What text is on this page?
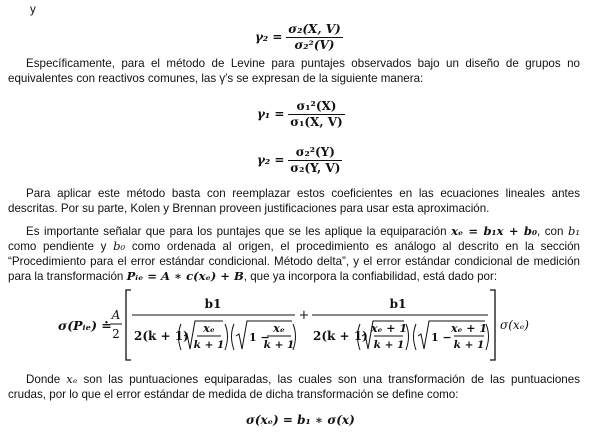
y
$\gamma_2 = \frac{\text{σ₂(X, V)}}{\text{σ₂²(V)}}$
Específicamente, para el método de Levine para puntajes observados bajo un diseño de grupos no equivalentes con reactivos comunes, las γ′s se expresan de la siguiente manera:
$\gamma_1 = \frac{\text{σ₁²(X)}}{\text{σ₁(X, V)}}$
$\gamma_2 = \frac{\text{σ₂²(Y)}}{\text{σ₂(Y, V)}}$
Para aplicar este método basta con reemplazar estos coeficientes en las ecuaciones lineales antes descritas. Por su parte, Kolen y Brennan proveen justificaciones para usar esta aproximación.
Es importante señalar que para los puntajes que se les aplique la equiparación xₑ = b₁x + b₀, con b₁ como pendiente y b₀ como ordenada al origen, el procedimiento es análogo al descrito en la sección “Procedimiento para el error estándar condicional. Método delta”, y el error estándar condicional de medición para la transformación Pᵢₑ = A ∗ c(xₑ) + B, que ya incorpora la confiabilidad, está dado por:
σ(Pᵢₑ) ≐
A
2
b1
2(k + 1)
xₑ
k + 1
1 −
xₑ
k + 1
+
b1
2(k + 1)
xₑ + 1
k + 1
1 −
xₑ + 1
k + 1
σ(xₑ)
Donde xₑ son las puntuaciones equiparadas, las cuales son una transformación de las puntuaciones crudas, por lo que el error estándar de medida de dicha transformación se define como:
σ(xₑ) = b₁ ∗ σ(x)
